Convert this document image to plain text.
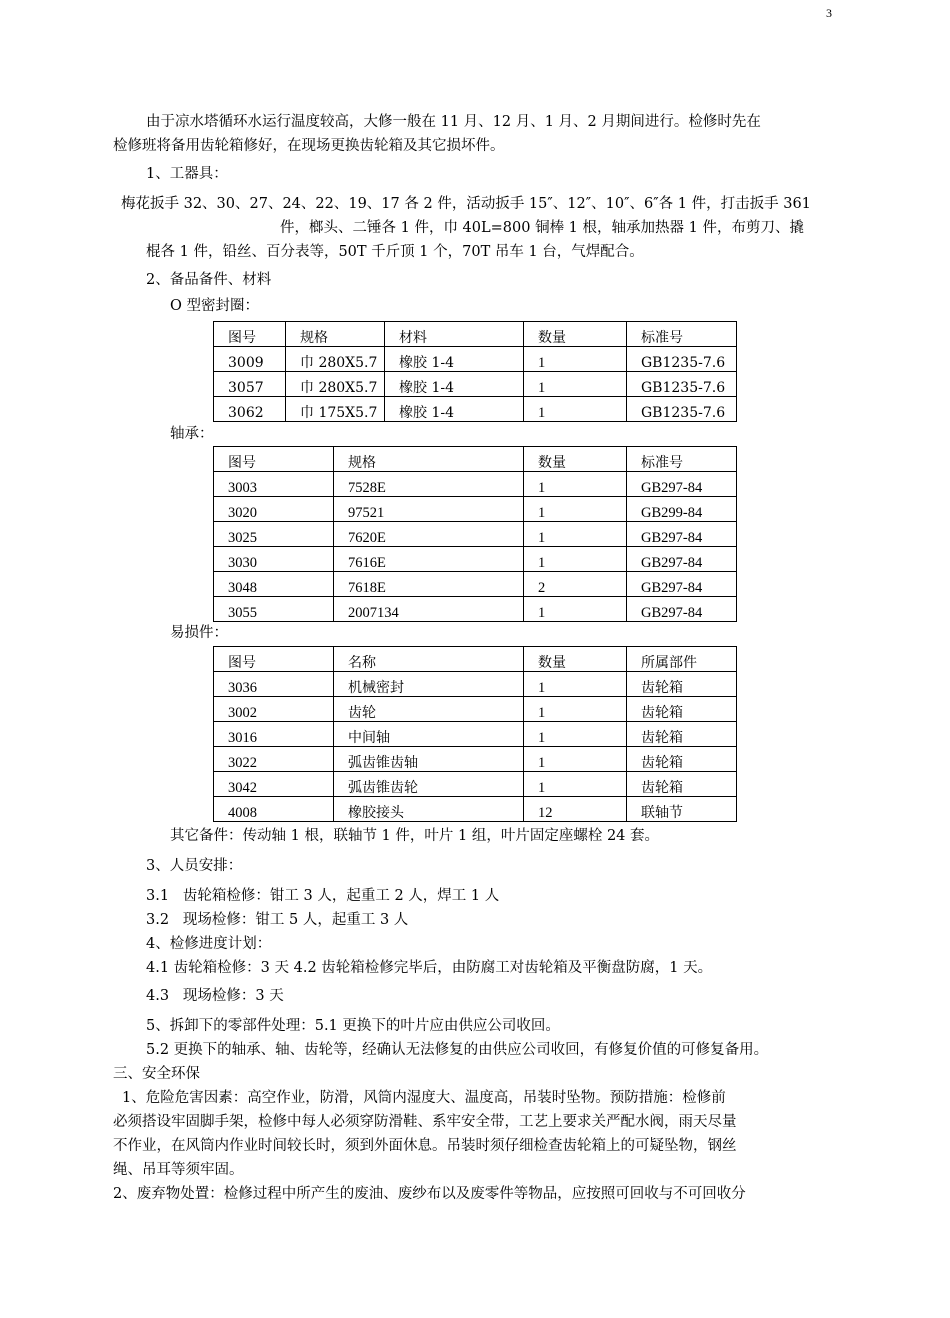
3
由于凉水塔循环水运行温度较高，大修一般在 11 月、12 月、1 月、2 月期间进行。检修时先在
检修班将备用齿轮箱修好，在现场更换齿轮箱及其它损坏件。
1、工器具：
梅花扳手 32、30、27、24、22、19、17 各 2 件，活动扳手 15″、12″、10″、6″各 1 件，打击扳手 361
件，榔头、二锤各 1 件，巾 40L=800 铜棒 1 根，轴承加热器 1 件，布剪刀、撬
棍各 1 件，铅丝、百分表等，50T 千斤顶 1 个，70T 吊车 1 台，气焊配合。
2、备品备件、材料
O 型密封圈：
图号	规格	材料	数量	标准号
3009	巾 280X5.7	橡胶 1-4	1	GB1235-7.6
3057	巾 280X5.7	橡胶 1-4	1	GB1235-7.6
3062	巾 175X5.7	橡胶 1-4	1	GB1235-7.6
轴承：
图号	规格	数量	标准号
3003	7528E	1	GB297-84
3020	97521	1	GB299-84
3025	7620E	1	GB297-84
3030	7616E	1	GB297-84
3048	7618E	2	GB297-84
3055	2007134	1	GB297-84
易损件：
图号	名称	数量	所属部件
3036	机械密封	1	齿轮箱
3002	齿轮	1	齿轮箱
3016	中间轴	1	齿轮箱
3022	弧齿锥齿轴	1	齿轮箱
3042	弧齿锥齿轮	1	齿轮箱
4008	橡胶接头	12	联轴节
其它备件：传动轴 1 根，联轴节 1 件，叶片 1 组，叶片固定座螺栓 24 套。
3、人员安排：
3.1   齿轮箱检修：钳工 3 人，起重工 2 人，焊工 1 人
3.2   现场检修：钳工 5 人，起重工 3 人
4、检修进度计划：
4.1 齿轮箱检修：3 天 4.2 齿轮箱检修完毕后，由防腐工对齿轮箱及平衡盘防腐，1 天。
4.3   现场检修：3 天
5、拆卸下的零部件处理：5.1 更换下的叶片应由供应公司收回。
5.2 更换下的轴承、轴、齿轮等，经确认无法修复的由供应公司收回，有修复价值的可修复备用。
三、安全环保
1、危险危害因素：高空作业，防滑，风筒内湿度大、温度高，吊装时坠物。预防措施：检修前
必须搭设牢固脚手架，检修中每人必须穿防滑鞋、系牢安全带，工艺上要求关严配水阀，雨天尽量
不作业，在风筒内作业时间较长时，须到外面休息。吊装时须仔细检查齿轮箱上的可疑坠物，钢丝
绳、吊耳等须牢固。
2、废弃物处置：检修过程中所产生的废油、废纱布以及废零件等物品，应按照可回收与不可回收分
